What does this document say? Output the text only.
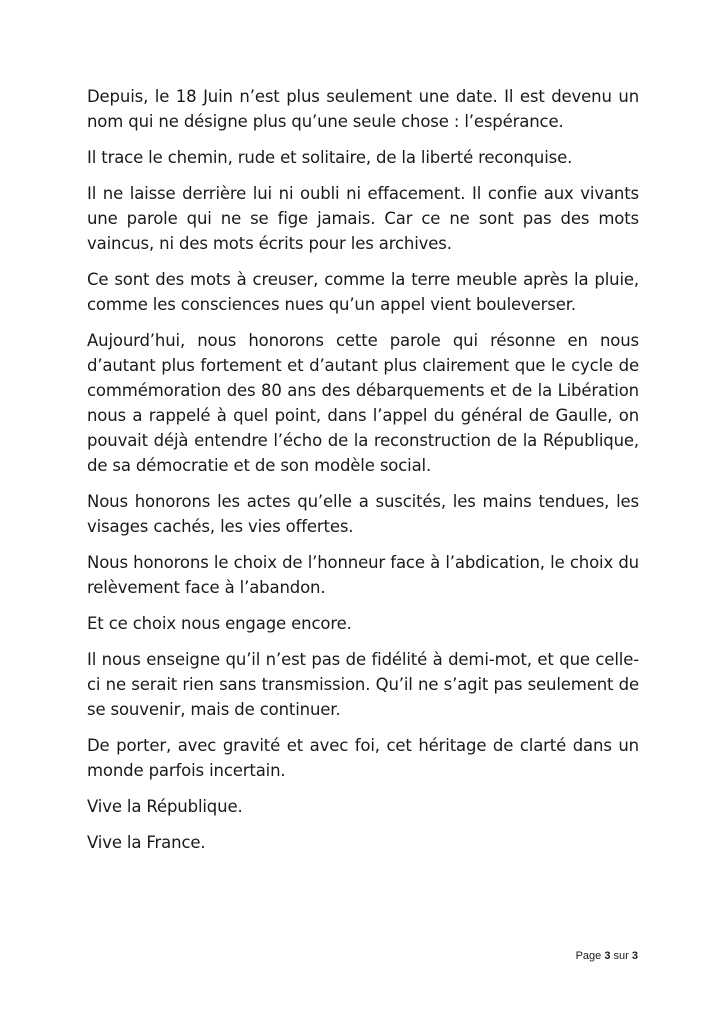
Depuis, le 18 Juin n’est plus seulement une date. Il est devenu un nom qui ne désigne plus qu’une seule chose : l’espérance.

Il trace le chemin, rude et solitaire, de la liberté reconquise.

Il ne laisse derrière lui ni oubli ni effacement. Il confie aux vivants une parole qui ne se fige jamais. Car ce ne sont pas des mots vaincus, ni des mots écrits pour les archives.

Ce sont des mots à creuser, comme la terre meuble après la pluie, comme les consciences nues qu’un appel vient bouleverser.

Aujourd’hui, nous honorons cette parole qui résonne en nous d’autant plus fortement et d’autant plus clairement que le cycle de commémoration des 80 ans des débarquements et de la Libération nous a rappelé à quel point, dans l’appel du général de Gaulle, on pouvait déjà entendre l’écho de la reconstruction de la République, de sa démocratie et de son modèle social.

Nous honorons les actes qu’elle a suscités, les mains tendues, les visages cachés, les vies offertes.

Nous honorons le choix de l’honneur face à l’abdication, le choix du relèvement face à l’abandon.

Et ce choix nous engage encore.

Il nous enseigne qu’il n’est pas de fidélité à demi-mot, et que celle-ci ne serait rien sans transmission. Qu’il ne s’agit pas seulement de se souvenir, mais de continuer.

De porter, avec gravité et avec foi, cet héritage de clarté dans un monde parfois incertain.

Vive la République.

Vive la France.

Page 3 sur 3
